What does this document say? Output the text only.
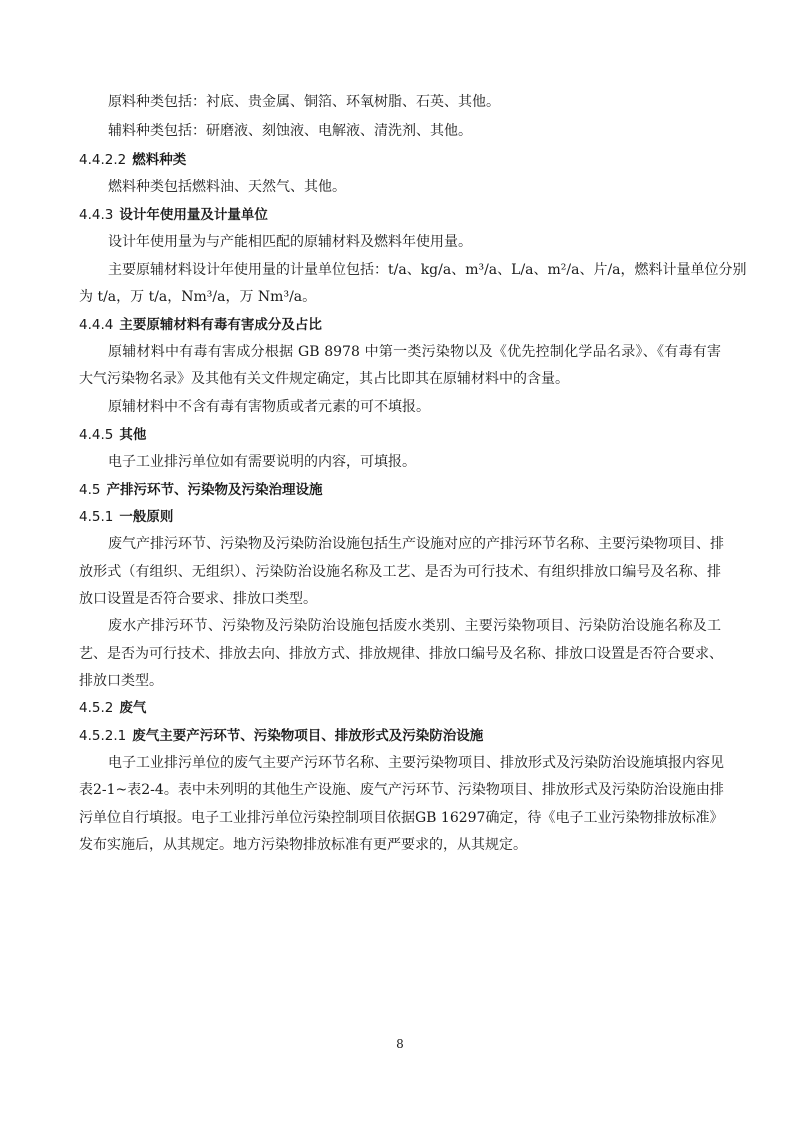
原料种类包括：衬底、贵金属、铜箔、环氧树脂、石英、其他。
辅料种类包括：研磨液、刻蚀液、电解液、清洗剂、其他。
4.4.2.2 燃料种类
燃料种类包括燃料油、天然气、其他。
4.4.3 设计年使用量及计量单位
设计年使用量为与产能相匹配的原辅材料及燃料年使用量。
主要原辅材料设计年使用量的计量单位包括：t/a、kg/a、m³/a、L/a、m²/a、片/a，燃料计量单位分别
为 t/a，万 t/a，Nm³/a，万 Nm³/a。
4.4.4 主要原辅材料有毒有害成分及占比
原辅材料中有毒有害成分根据 GB 8978 中第一类污染物以及《优先控制化学品名录》、《有毒有害
大气污染物名录》及其他有关文件规定确定，其占比即其在原辅材料中的含量。
原辅材料中不含有毒有害物质或者元素的可不填报。
4.4.5 其他
电子工业排污单位如有需要说明的内容，可填报。
4.5 产排污环节、污染物及污染治理设施
4.5.1 一般原则
废气产排污环节、污染物及污染防治设施包括生产设施对应的产排污环节名称、主要污染物项目、排
放形式（有组织、无组织）、污染防治设施名称及工艺、是否为可行技术、有组织排放口编号及名称、排
放口设置是否符合要求、排放口类型。
废水产排污环节、污染物及污染防治设施包括废水类别、主要污染物项目、污染防治设施名称及工
艺、是否为可行技术、排放去向、排放方式、排放规律、排放口编号及名称、排放口设置是否符合要求、
排放口类型。
4.5.2 废气
4.5.2.1 废气主要产污环节、污染物项目、排放形式及污染防治设施
电子工业排污单位的废气主要产污环节名称、主要污染物项目、排放形式及污染防治设施填报内容见
表2-1~表2-4。表中未列明的其他生产设施、废气产污环节、污染物项目、排放形式及污染防治设施由排
污单位自行填报。电子工业排污单位污染控制项目依据GB 16297确定，待《电子工业污染物排放标准》
发布实施后，从其规定。地方污染物排放标准有更严要求的，从其规定。
8
